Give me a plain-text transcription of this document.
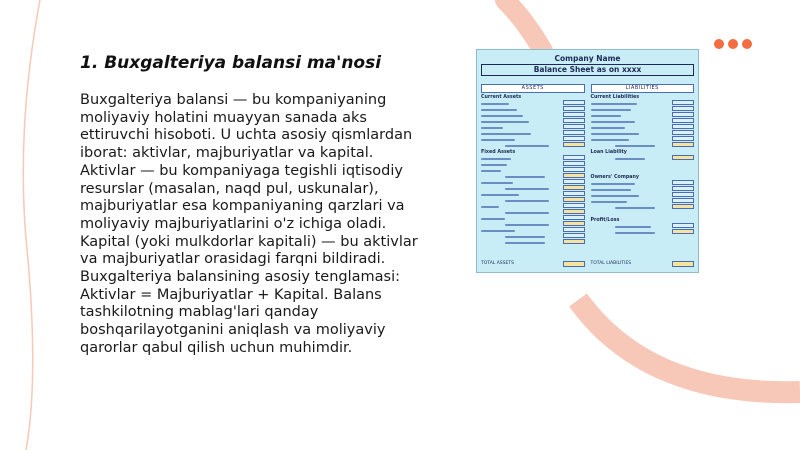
1. Buxgalteriya balansi ma'nosi

Buxgalteriya balansi — bu kompaniyaning moliyaviy holatini muayyan sanada aks ettiruvchi hisoboti. U uchta asosiy qismlardan iborat: aktivlar, majburiyatlar va kapital. Aktivlar — bu kompaniyaga tegishli iqtisodiy resurslar (masalan, naqd pul, uskunalar), majburiyatlar esa kompaniyaning qarzlari va moliyaviy majburiyatlarini o'z ichiga oladi. Kapital (yoki mulkdorlar kapitali) — bu aktivlar va majburiyatlar orasidagi farqni bildiradi. Buxgalteriya balansining asosiy tenglamasi: Aktivlar = Majburiyatlar + Kapital. Balans tashkilotning mablag'lari qanday boshqarilayotganini aniqlash va moliyaviy qarorlar qabul qilish uchun muhimdir.

Company Name
Balance Sheet as on xxxx
ASSETS
Current Assets
Fixed Assets
TOTAL ASSETS
LIABILITIES
Current Liabilities
Loan Liability
Owners' Company
Profit/Loss
TOTAL LIABILITIES
